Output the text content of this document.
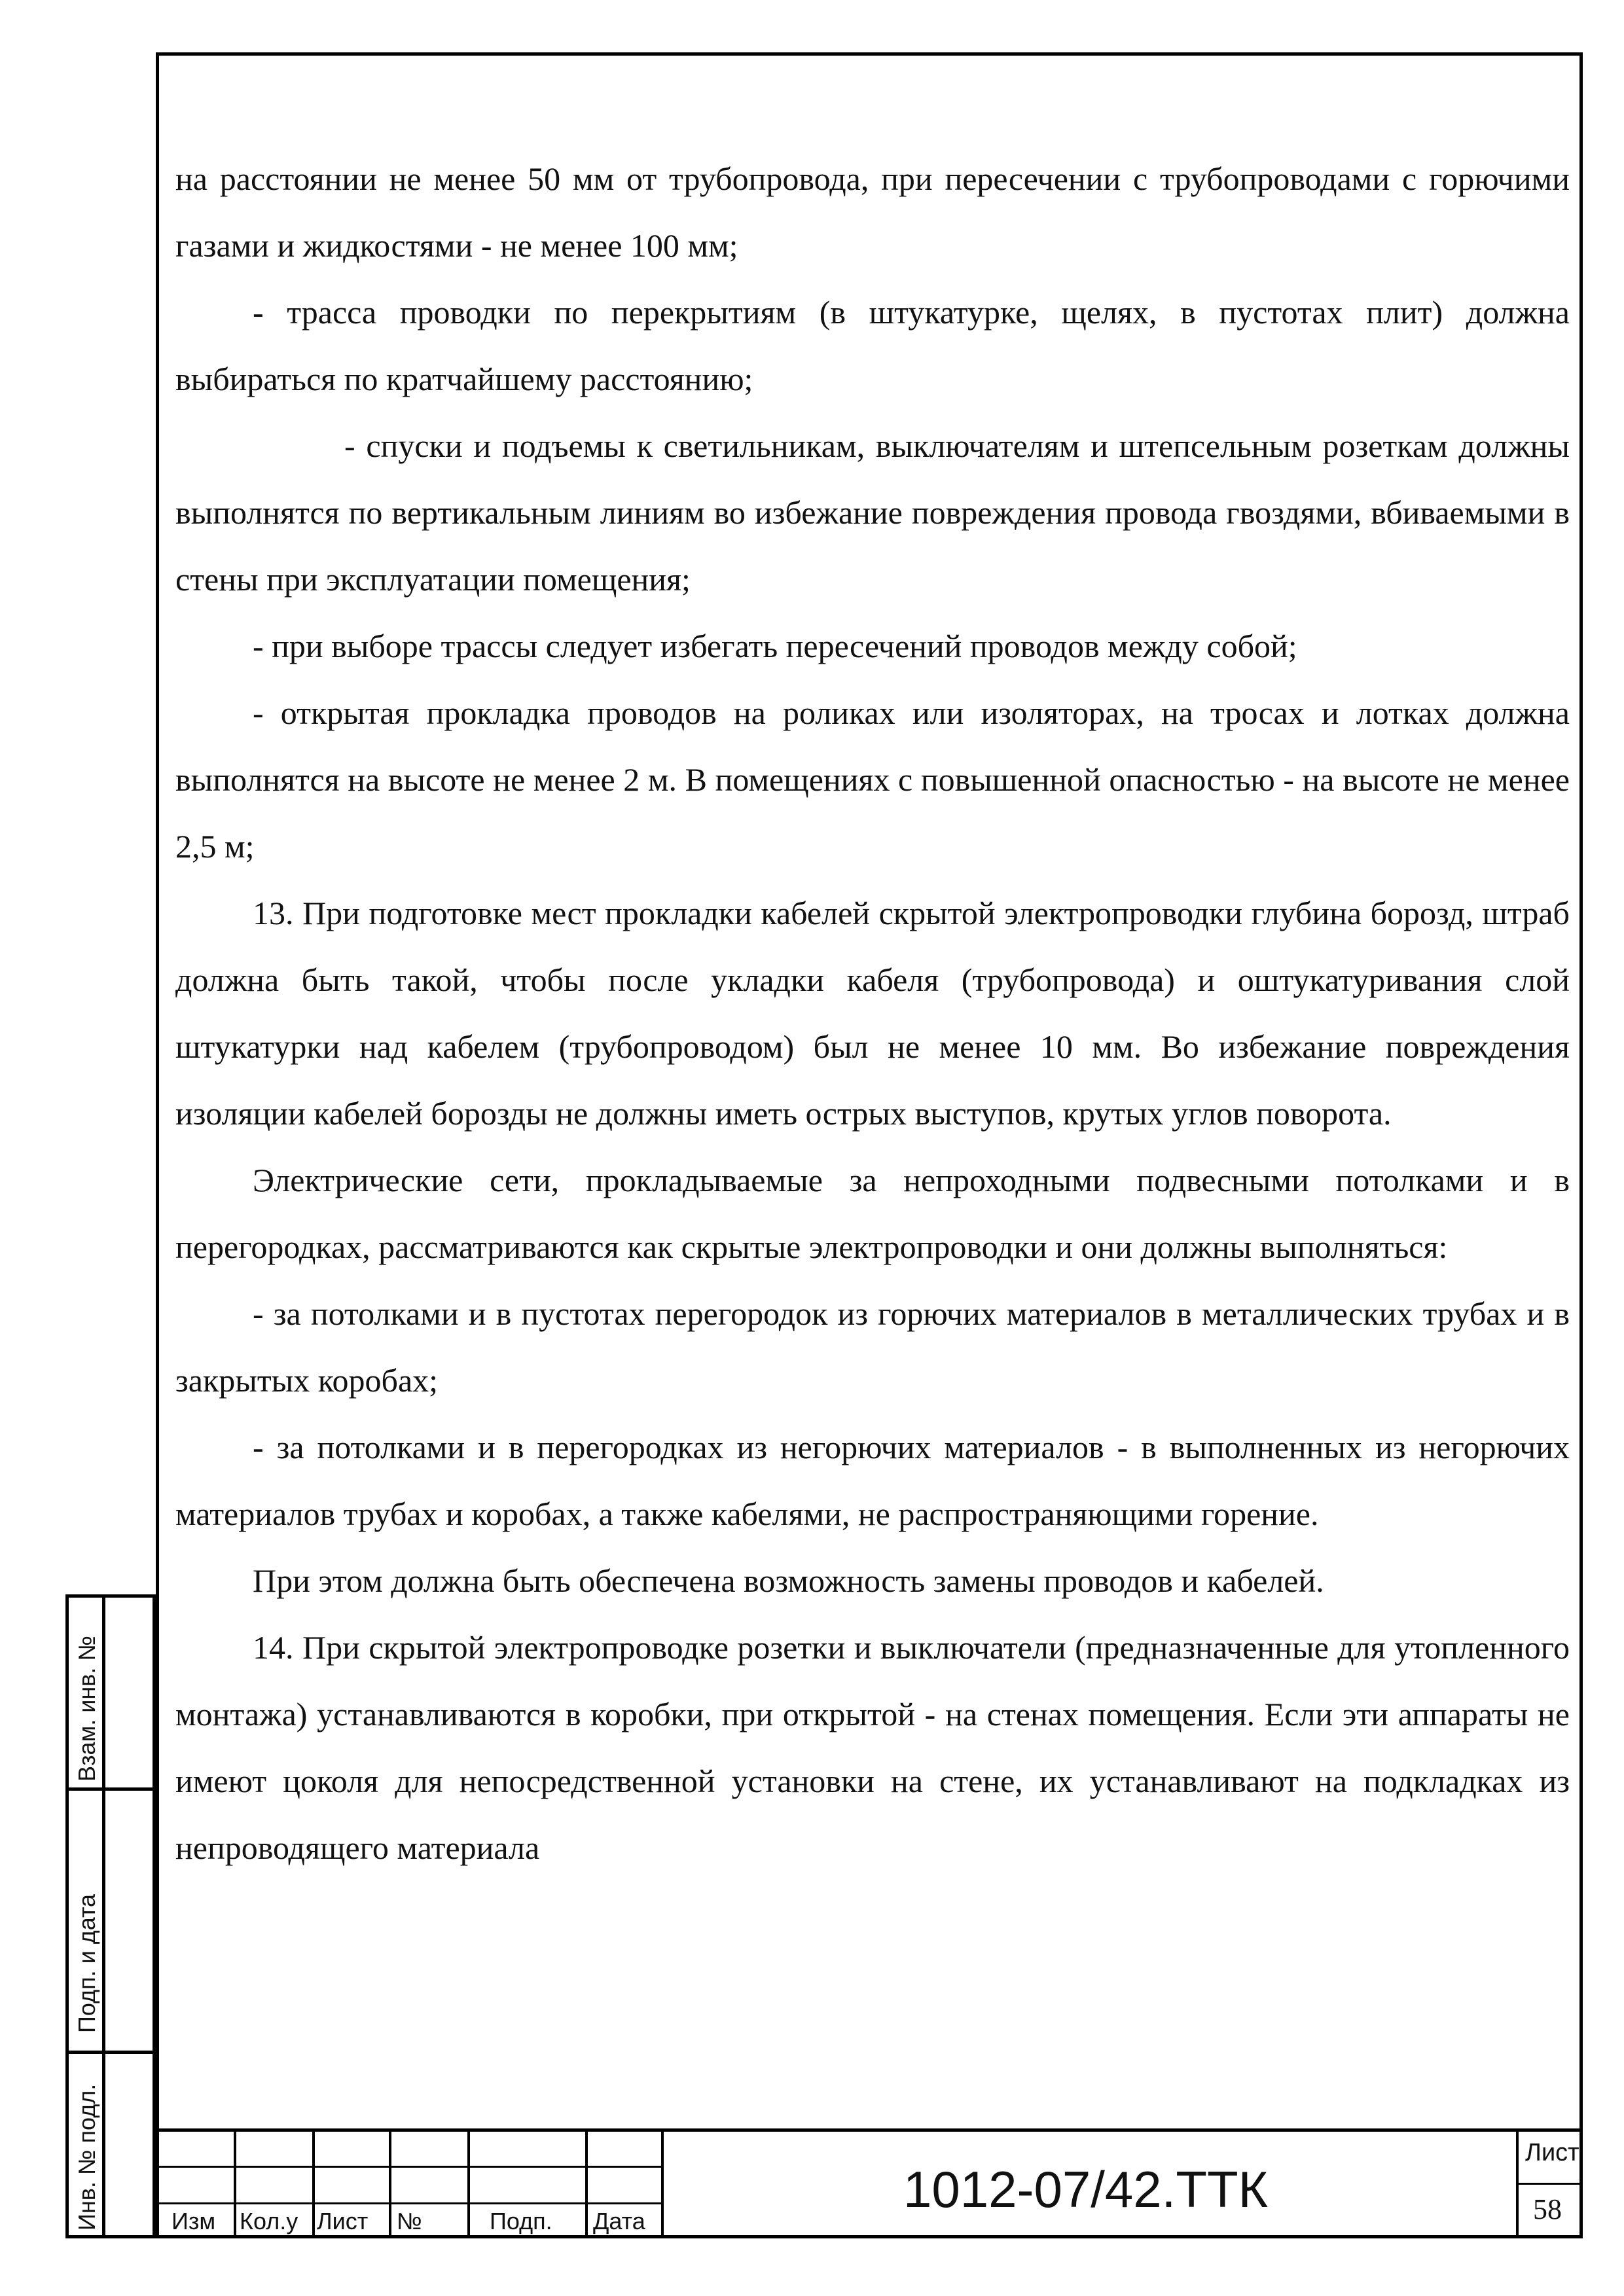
на расстоянии не менее 50 мм от трубопровода, при пересечении с трубопроводами с горючими газами и жидкостями - не менее 100 мм;

- трасса проводки по перекрытиям (в штукатурке, щелях, в пустотах плит) должна выбираться по кратчайшему расстоянию;

- спуски и подъемы к светильникам, выключателям и штепсельным розеткам должны выполнятся по вертикальным линиям во избежание повреждения провода гвоздями, вбиваемыми в стены при эксплуатации помещения;

- при выборе трассы следует избегать пересечений проводов между собой;

- открытая прокладка проводов на роликах или изоляторах, на тросах и лотках должна выполнятся на высоте не менее 2 м. В помещениях с повышенной опасностью - на высоте не менее 2,5 м;

13. При подготовке мест прокладки кабелей скрытой электропроводки глубина борозд, штраб должна быть такой, чтобы после укладки кабеля (трубопровода) и оштукатуривания слой штукатурки над кабелем (трубопроводом) был не менее 10 мм. Во избежание повреждения изоляции кабелей борозды не должны иметь острых выступов, крутых углов поворота.

Электрические сети, прокладываемые за непроходными подвесными потолками и в перегородках, рассматриваются как скрытые электропроводки и они должны выполняться:

- за потолками и в пустотах перегородок из горючих материалов в металлических трубах и в закрытых коробах;

- за потолками и в перегородках из негорючих материалов - в выполненных из негорючих материалов трубах и коробах, а также кабелями, не распространяющими горение.

При этом должна быть обеспечена возможность замены проводов и кабелей.

14. При скрытой электропроводке розетки и выключатели (предназначенные для утопленного монтажа) устанавливаются в коробки, при открытой - на стенах помещения. Если эти аппараты не имеют цоколя для непосредственной установки на стене, их устанавливают на подкладках из непроводящего материала

Взам. инв. №
Подп. и дата
Инв. № подл.	Изм Кол.у Лист №	Подп. Дата
1012-07/42.ТТК
Лист
58
